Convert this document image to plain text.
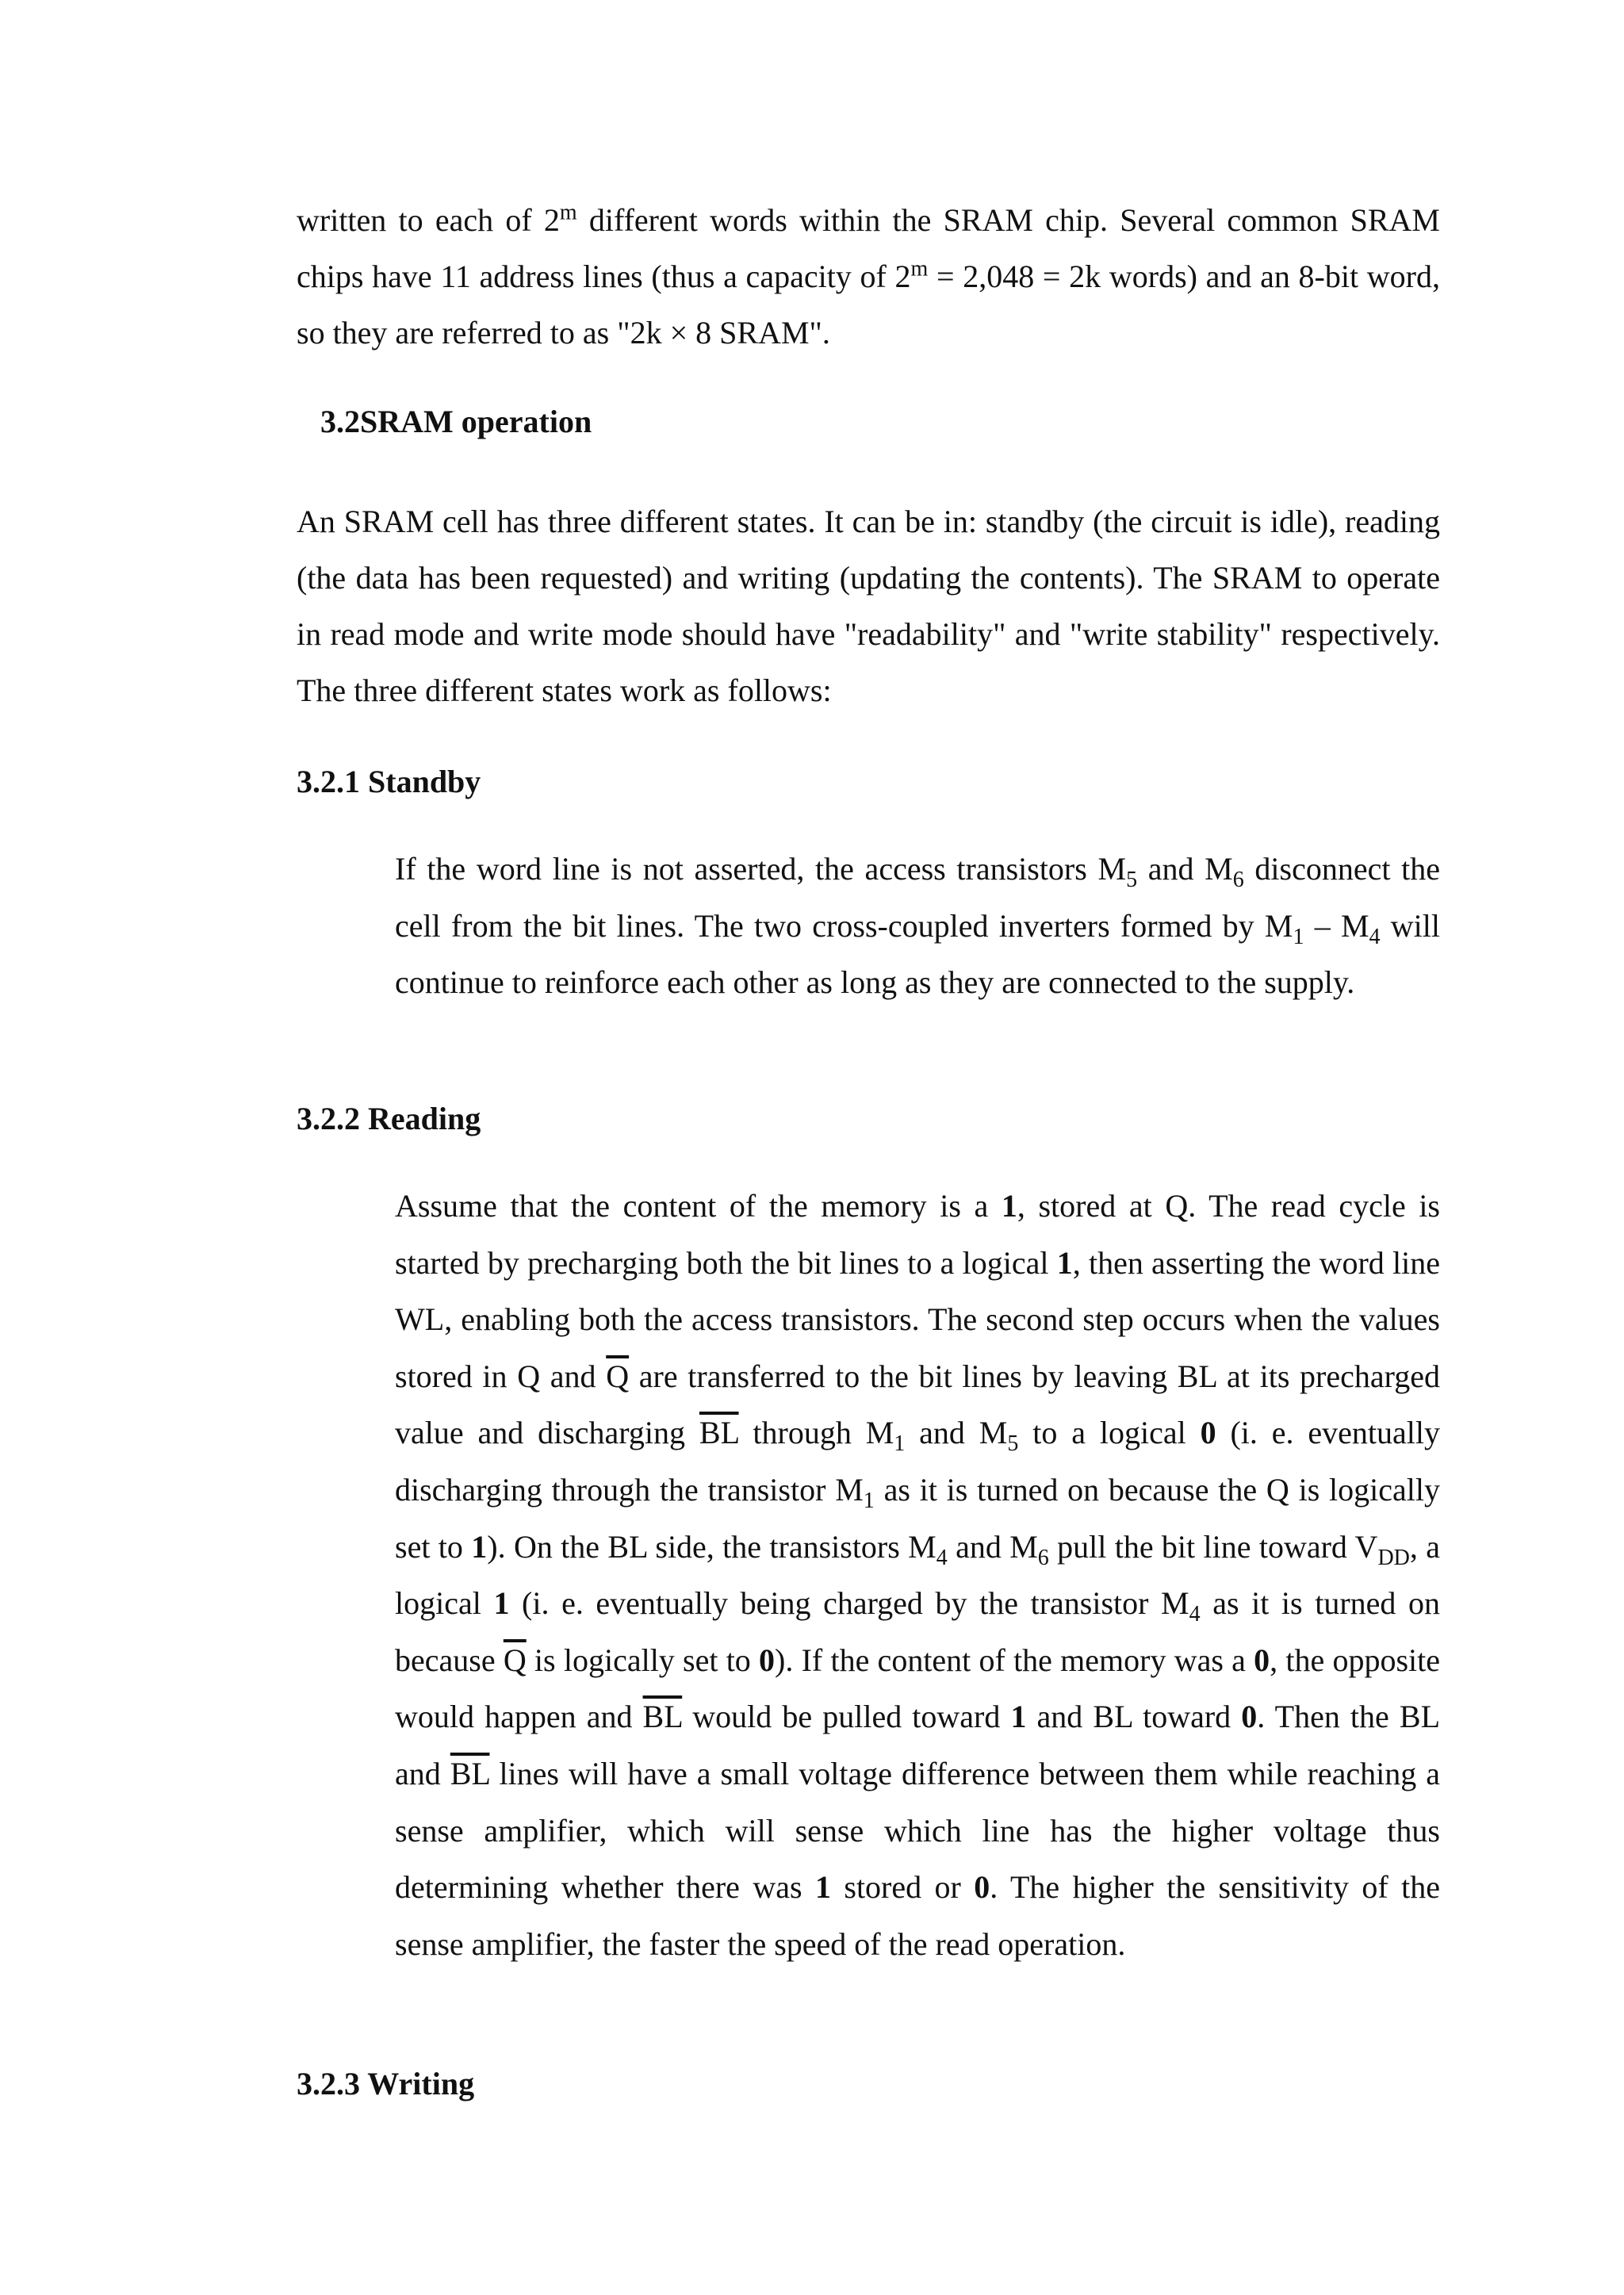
written to each of 2$^m$ different words within the SRAM chip. Several common SRAM chips have 11 address lines (thus a capacity of $2^m = 2,048 = 2k$ words) and an 8-bit word, so they are referred to as "2k × 8 SRAM".

3.2SRAM operation

An SRAM cell has three different states. It can be in: standby (the circuit is idle), reading (the data has been requested) and writing (updating the contents). The SRAM to operate in read mode and write mode should have "readability" and "write stability" respectively. The three different states work as follows:

3.2.1 Standby

If the word line is not asserted, the access transistors $M_5$ and $M_6$ disconnect the cell from the bit lines. The two cross-coupled inverters formed by $M_1 - M_4$ will continue to reinforce each other as long as they are connected to the supply.

3.2.2 Reading

Assume that the content of the memory is a 1, stored at Q. The read cycle is started by precharging both the bit lines to a logical 1, then asserting the word line WL, enabling both the access transistors. The second step occurs when the values stored in Q and $\overline{Q}$ are transferred to the bit lines by leaving BL at its precharged value and discharging $\overline{BL}$ through $M_1$ and $M_5$ to a logical 0 (i. e. eventually discharging through the transistor $M_1$ as it is turned on because the Q is logically set to 1). On the BL side, the transistors $M_4$ and $M_6$ pull the bit line toward $V_{DD}$, a logical 1 (i. e. eventually being charged by the transistor $M_4$ as it is turned on because $\overline{Q}$ is logically set to 0). If the content of the memory was a 0, the opposite would happen and $\overline{BL}$ would be pulled toward 1 and BL toward 0. Then the BL and $\overline{BL}$ lines will have a small voltage difference between them while reaching a sense amplifier, which will sense which line has the higher voltage thus determining whether there was 1 stored or 0. The higher the sensitivity of the sense amplifier, the faster the speed of the read operation.

3.2.3 Writing
